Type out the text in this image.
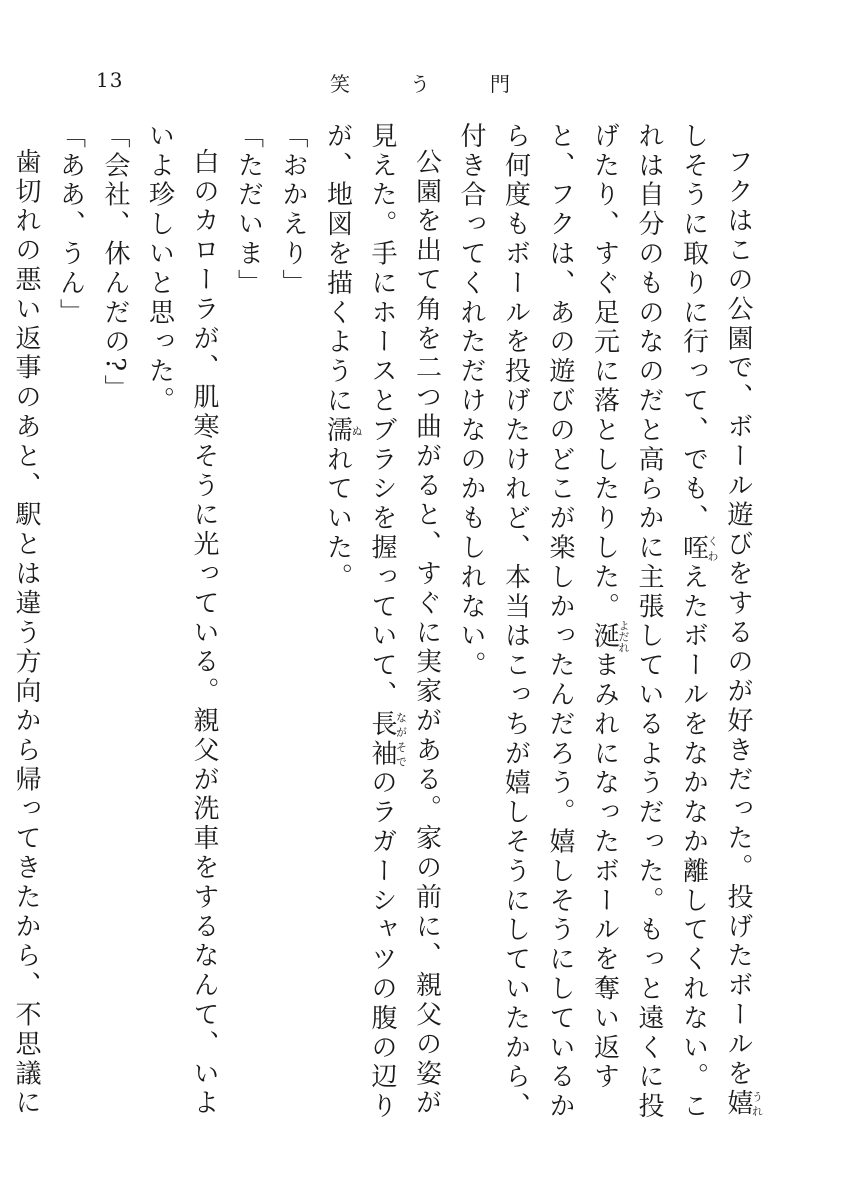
13	笑	う	門

フクはこの公園で、ボール遊びをするのが好きだった。投げたボールを嬉うれしそうに取りに行って、でも、咥くわえたボールをなかなか離してくれない。これは自分のものなのだと高らかに主張しているようだった。もっと遠くに投げたり、すぐ足元に落としたりした。涎よだれまみれになったボールを奪い返すと、フクは、あの遊びのどこが楽しかったんだろう。嬉しそうにしているから何度もボールを投げたけれど、本当はこっちが嬉しそうにしていたから、付き合ってくれただけなのかもしれない。

公園を出て角を二つ曲がると、すぐに実家がある。家の前に、親父の姿が見えた。手にホースとブラシを握っていて、長袖ながそでのラガーシャツの腹の辺りが、地図を描くように濡ぬれていた。

「おかえり」

「ただいま」

白のカローラが、肌寒そうに光っている。親父が洗車をするなんて、いよいよ珍しいと思った。

「会社、休んだの?」

「ああ、うん」

歯切れの悪い返事のあと、駅とは違う方向から帰ってきたから、不思議に
